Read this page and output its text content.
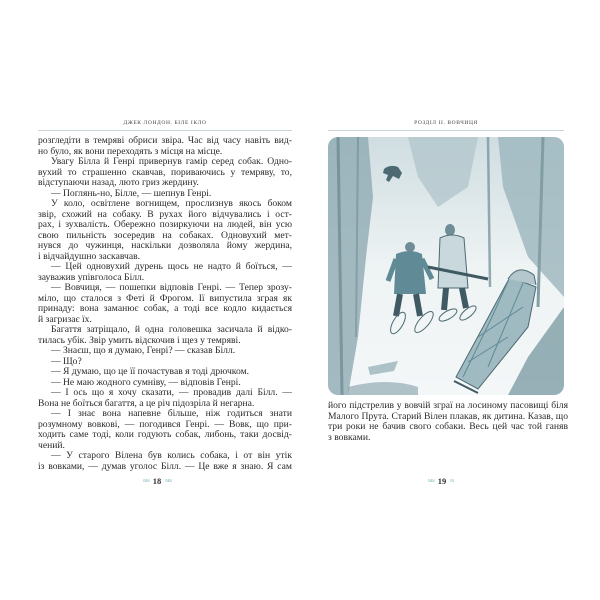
ДЖЕК ЛОНДОН. БІЛЕ ІКЛО
розгледіти в темряві обриси звіра. Час від часу навіть вид-
но було, як вони переходять з місця на місце.
Увагу Білла й Генрі привернув гамір серед собак. Одно-
вухий то страшенно скавчав, пориваючись у темряву, то,
відступаючи назад, люто гриз жердину.
— Поглянь-но, Білле, — шепнув Генрі.
У коло, освітлене вогнищем, прослизнув якось боком
звір, схожий на собаку. В рухах його відчувались і ост-
рах, і зухвалість. Обережно позиркуючи на людей, він усю
свою пильність зосередив на собаках. Одновухий мет-
нувся до чужинця, наскільки дозволяла йому жердина,
і відчайдушно заскавчав.
— Цей одновухий дурень щось не надто й боїться, —
зауважив упівголоса Білл.
— Вовчиця, — пошепки відповів Генрі. — Тепер зрозу-
міло, що сталося з Феті й Фрогом. Її випустила зграя як
принаду: вона заманює собак, а тоді все кодло кидається
й загризає їх.
Багаття затріщало, й одна головешка засичала й відко-
тилась убік. Звір умить відскочив і щез у темряві.
— Знаєш, що я думаю, Генрі? — сказав Білл.
— Що?
— Я думаю, що це її почастував я тоді дрючком.
— Не маю жодного сумніву, — відповів Генрі.
— І ось що я хочу сказати, — провадив далі Білл. —
Вона не боїться багаття, а це річ підозріла й негарна.
— І знає вона напевне більше, ніж годиться знати
розумному вовкові, — погодився Генрі. — Вовк, що при-
ходить саме тоді, коли годують собак, либонь, таки досвід-
чений.
— У старого Вілена був колись собака, і от він утік
із вовками, — думав уголос Білл. — Це вже я знаю. Я сам
≈≈ 18 ≈≈
РОЗДІЛ ІІ. ВОВЧИЦЯ
його підстрелив у вовчій зграї на лосиному пасовищі біля
Малого Прута. Старий Вілен плакав, як дитина. Казав, що
три роки не бачив свого собаки. Весь цей час той ганяв
з вовками.
≈≈ 19 ≈
